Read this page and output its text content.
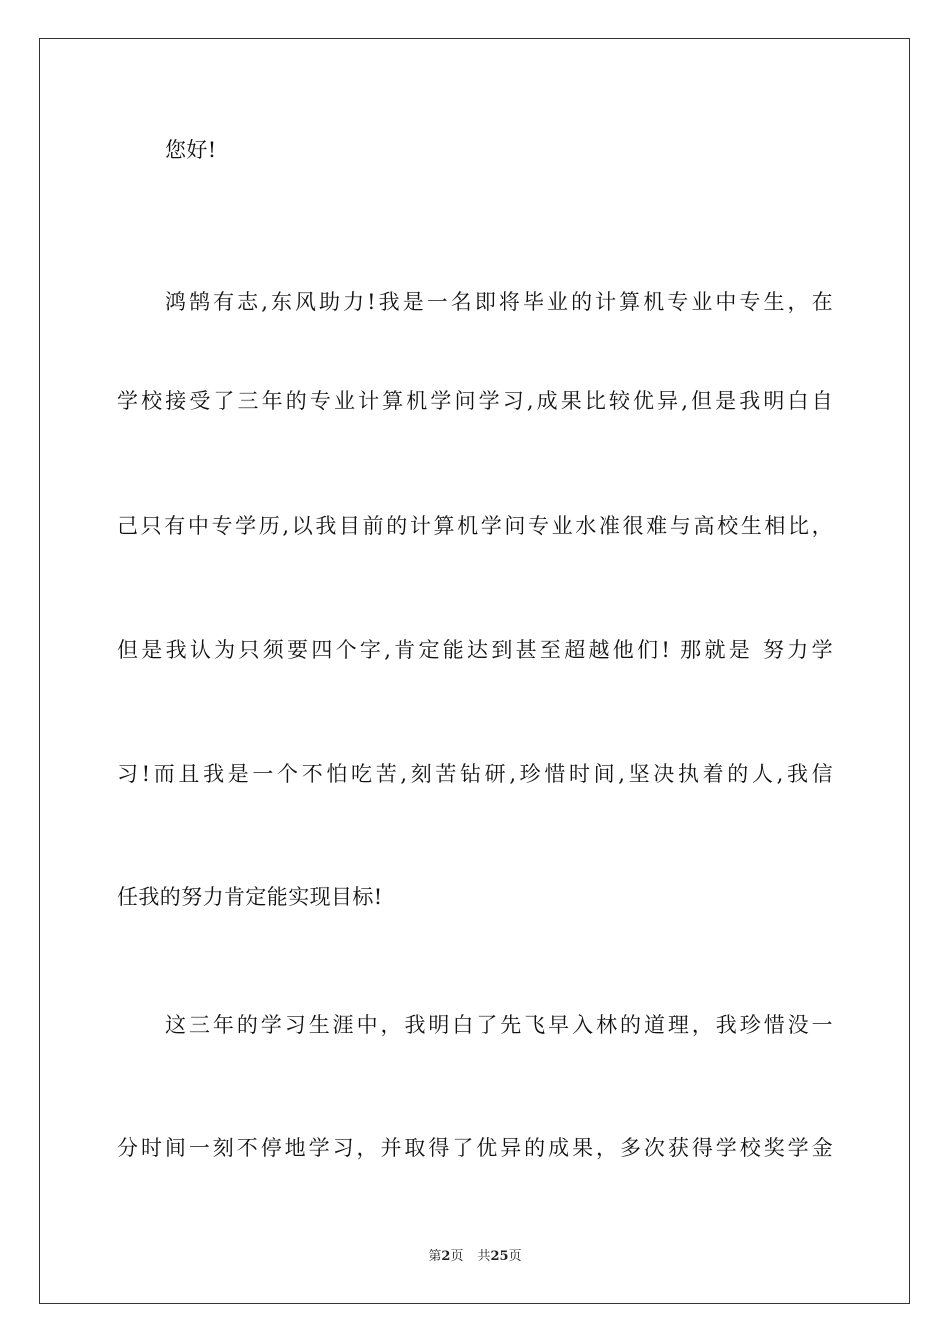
您好!
鸿鹄有志,东风助力!我是一名即将毕业的计算机专业中专生，在
学校接受了三年的专业计算机学问学习,成果比较优异,但是我明白自
己只有中专学历,以我目前的计算机学问专业水准很难与高校生相比，
但是我认为只须要四个字,肯定能达到甚至超越他们! 那就是 努力学
习!而且我是一个不怕吃苦,刻苦钻研,珍惜时间,坚决执着的人,我信
任我的努力肯定能实现目标!
这三年的学习生涯中，我明白了先飞早入林的道理，我珍惜没一
分时间一刻不停地学习，并取得了优异的成果，多次获得学校奖学金
第2页 共25页
